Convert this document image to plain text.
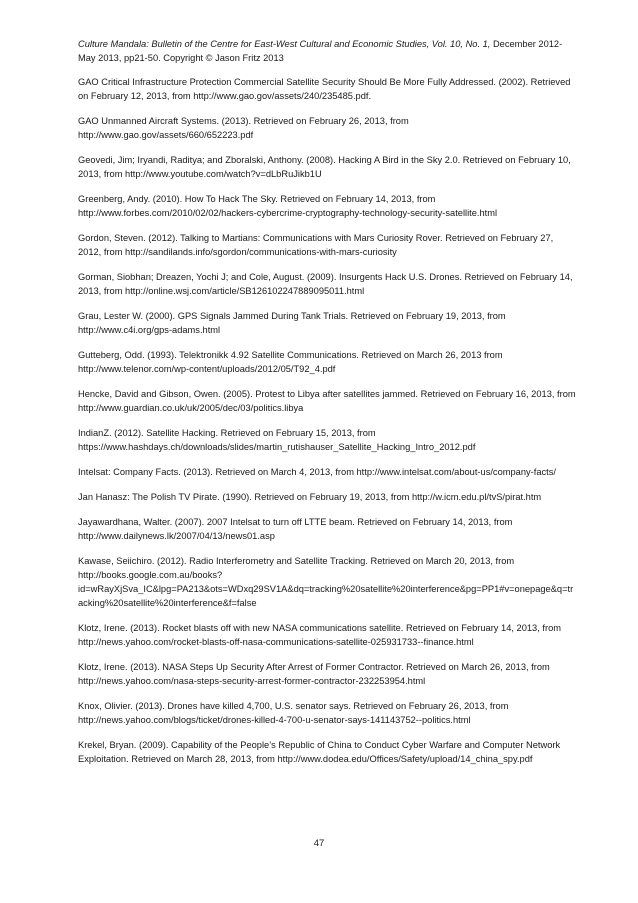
Culture Mandala: Bulletin of the Centre for East-West Cultural and Economic Studies, Vol. 10, No. 1, December 2012- May 2013, pp21-50. Copyright © Jason Fritz 2013
GAO Critical Infrastructure Protection Commercial Satellite Security Should Be More Fully Addressed. (2002). Retrieved on February 12, 2013, from http://www.gao.gov/assets/240/235485.pdf.
GAO Unmanned Aircraft Systems. (2013). Retrieved on February 26, 2013, from http://www.gao.gov/assets/660/652223.pdf
Geovedi, Jim; Iryandi, Raditya; and Zboralski, Anthony. (2008). Hacking A Bird in the Sky 2.0. Retrieved on February 10, 2013, from http://www.youtube.com/watch?v=dLbRuJikb1U
Greenberg, Andy. (2010). How To Hack The Sky. Retrieved on February 14, 2013, from http://www.forbes.com/2010/02/02/hackers-cybercrime-cryptography-technology-security-satellite.html
Gordon, Steven. (2012). Talking to Martians: Communications with Mars Curiosity Rover. Retrieved on February 27, 2012, from http://sandilands.info/sgordon/communications-with-mars-curiosity
Gorman, Siobhan; Dreazen, Yochi J; and Cole, August. (2009). Insurgents Hack U.S. Drones. Retrieved on February 14, 2013, from http://online.wsj.com/article/SB126102247889095011.html
Grau, Lester W. (2000). GPS Signals Jammed During Tank Trials. Retrieved on February 19, 2013, from http://www.c4i.org/gps-adams.html
Gutteberg, Odd. (1993). Telektronikk 4.92 Satellite Communications. Retrieved on March 26, 2013 from http://www.telenor.com/wp-content/uploads/2012/05/T92_4.pdf
Hencke, David and Gibson, Owen. (2005). Protest to Libya after satellites jammed. Retrieved on February 16, 2013, from http://www.guardian.co.uk/uk/2005/dec/03/politics.libya
IndianZ. (2012). Satellite Hacking. Retrieved on February 15, 2013, from https://www.hashdays.ch/downloads/slides/martin_rutishauser_Satellite_Hacking_Intro_2012.pdf
Intelsat: Company Facts. (2013). Retrieved on March 4, 2013, from http://www.intelsat.com/about-us/company-facts/
Jan Hanasz: The Polish TV Pirate. (1990). Retrieved on February 19, 2013, from http://w.icm.edu.pl/tvS/pirat.htm
Jayawardhana, Walter. (2007). 2007 Intelsat to turn off LTTE beam. Retrieved on February 14, 2013, from http://www.dailynews.lk/2007/04/13/news01.asp
Kawase, Seiichiro. (2012). Radio Interferometry and Satellite Tracking. Retrieved on March 20, 2013, from http://books.google.com.au/books?id=wRayXjSva_IC&lpg=PA213&ots=WDxq29SV1A&dq=tracking%20satellite%20interference&pg=PP1#v=onepage&q=tracking%20satellite%20interference&f=false
Klotz, Irene. (2013). Rocket blasts off with new NASA communications satellite. Retrieved on February 14, 2013, from http://news.yahoo.com/rocket-blasts-off-nasa-communications-satellite-025931733--finance.html
Klotz, Irene. (2013). NASA Steps Up Security After Arrest of Former Contractor. Retrieved on March 26, 2013, from http://news.yahoo.com/nasa-steps-security-arrest-former-contractor-232253954.html
Knox, Olivier. (2013). Drones have killed 4,700, U.S. senator says. Retrieved on February 26, 2013, from http://news.yahoo.com/blogs/ticket/drones-killed-4-700-u-senator-says-141143752--politics.html
Krekel, Bryan. (2009). Capability of the People’s Republic of China to Conduct Cyber Warfare and Computer Network Exploitation. Retrieved on March 28, 2013, from http://www.dodea.edu/Offices/Safety/upload/14_china_spy.pdf
47
